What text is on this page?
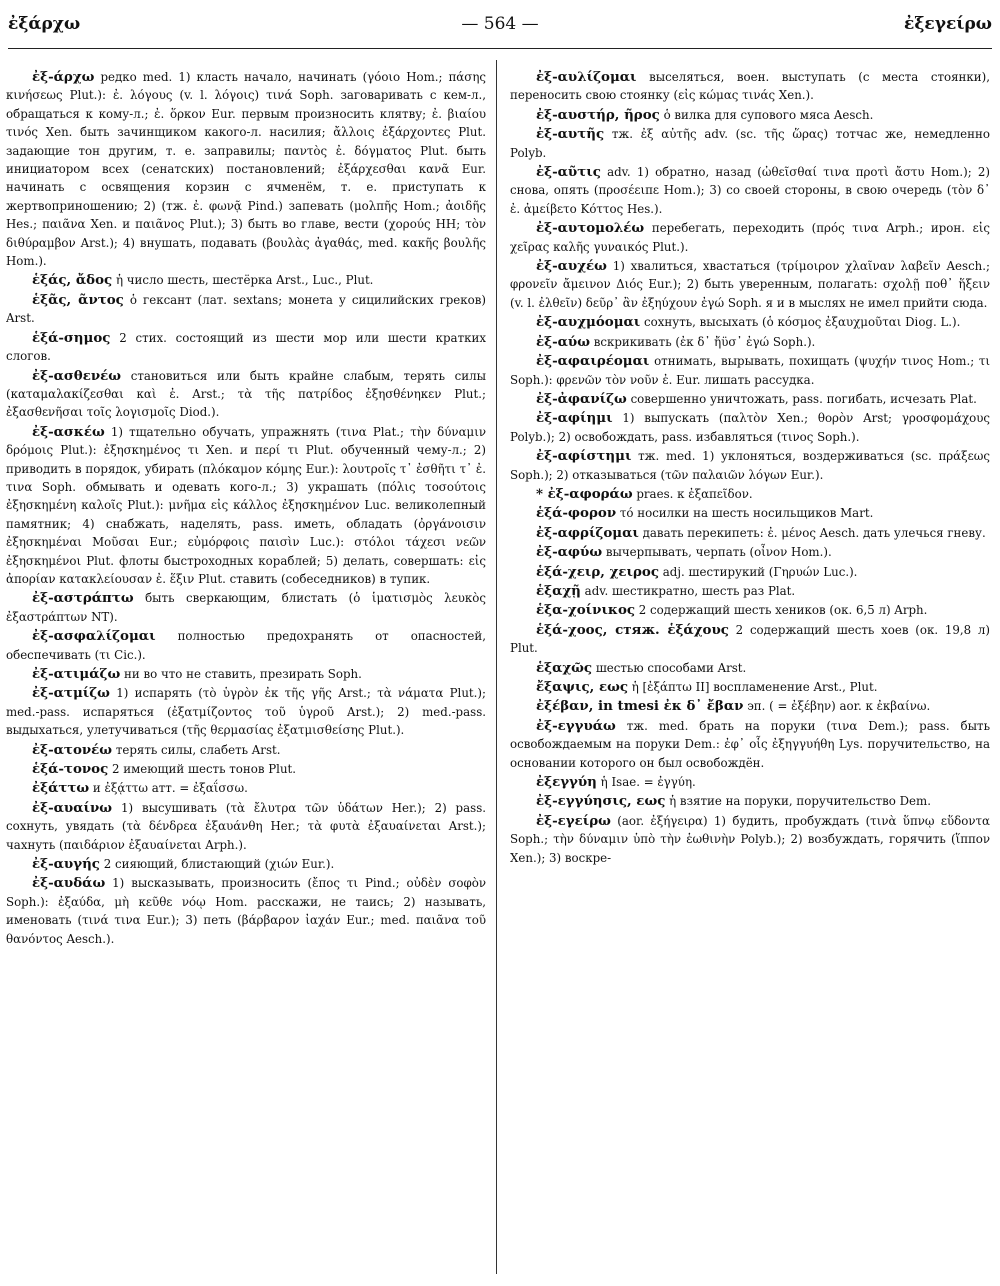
ἐξάρχω	— 564 —	ἐξεγείρω

ἐξ-άρχω редко med. 1) класть начало, начинать (γόοιο Hom.; πάσης κινήσεως Plut.): ἐ. λόγους (v. l. λόγοις) τινά Soph. заговаривать с кем-л., обращаться к кому-л.; ἐ. ὅρκον Eur. первым произносить клятву; ἐ. βιαίου τινός Xen. быть зачинщиком какого-л. насилия; ἄλλοις ἐξάρχοντες Plut. задающие тон другим, т. е. заправилы; παντὸς ἐ. δόγματος Plut. быть инициатором всех (сенатских) постановлений; ἐξάρχεσθαι κανᾶ Eur. начинать с освящения корзин с ячменём, т. е. приступать к жертвоприношению; 2) (тж. ἐ. φωνᾷ Pind.) запевать (μολπῆς Hom.; ἀοιδῆς Hes.; παιᾶνα Xen. и παιᾶνος Plut.); 3) быть во главе, вести (χορούς HH; τὸν διθύραμβον Arst.); 4) внушать, подавать (βουλὰς ἀγαθάς, med. κακῆς βουλῆς Hom.).

ἑξάς, ἄδος ἡ число шесть, шестёрка Arst., Luc., Plut.

ἑξᾶς, ᾶντος ὁ гексант (лат. sextans; монета у сицилийских греков) Arst.

ἑξά-σημος 2 стих. состоящий из шести мор или шести кратких слогов.

ἐξ-ασθενέω становиться или быть крайне слабым, терять силы (καταμαλακίζεσθαι καὶ ἐ. Arst.; τὰ τῆς πατρίδος ἐξησθένηκεν Plut.; ἐξασθενῆσαι τοῖς λογισμοῖς Diod.).

ἐξ-ασκέω 1) тщательно обучать, упражнять (τινα Plat.; τὴν δύναμιν δρόμοις Plut.): ἐξησκημένος τι Xen. и περί τι Plut. обученный чему-л.; 2) приводить в порядок, убирать (πλόκαμον κόμης Eur.): λουτροῖς τ᾽ ἐσθῆτι τ᾽ ἐ. τινα Soph. обмывать и одевать кого-л.; 3) украшать (πόλις τοσούτοις ἐξησκημένη καλοῖς Plut.): μνῆμα εἰς κάλλος ἐξησκημένον Luc. великолепный памятник; 4) снабжать, наделять, pass. иметь, обладать (ὀργάνοισιν ἐξησκημέναι Μοῦσαι Eur.; εὐμόρφοις παισὶν Luc.): στόλοι τάχεσι νεῶν ἐξησκημένοι Plut. флоты быстроходных кораблей; 5) делать, совершать: εἰς ἀπορίαν κατακλείουσαν ἐ. ἕξιν Plut. ставить (собеседников) в тупик.

ἐξ-αστράπτω быть сверкающим, блистать (ὁ ἱματισμὸς λευκὸς ἐξαστράπτων NT).

ἐξ-ασφαλίζομαι полностью предохранять от опасностей, обеспечивать (τι Cic.).

ἐξ-ατιμάζω ни во что не ставить, презирать Soph.

ἐξ-ατμίζω 1) испарять (τὸ ὑγρὸν ἐκ τῆς γῆς Arst.; τὰ νάματα Plut.); med.-pass. испаряться (ἐξατμίζοντος τοῦ ὑγροῦ Arst.); 2) med.-pass. выдыхаться, улетучиваться (τῆς θερμασίας ἐξατμισθείσης Plut.).

ἐξ-ατονέω терять силы, слабеть Arst.

ἑξά-τονος 2 имеющий шесть тонов Plut.

ἐξάττω и ἐξᾴττω атт. = ἐξαΐσσω.

ἐξ-αυαίνω 1) высушивать (τὰ ἔλυτρα τῶν ὑδάτων Her.); 2) pass. сохнуть, увядать (τὰ δένδρεα ἐξαυάνθη Her.; τὰ φυτὰ ἐξαυαίνεται Arst.); чахнуть (παιδάριον ἐξαυαίνεται Arph.).

ἐξ-αυγής 2 сияющий, блистающий (χιών Eur.).

ἐξ-αυδάω 1) высказывать, произносить (ἔπος τι Pind.; οὐδὲν σοφὸν Soph.): ἐξαύδα, μὴ κεῦθε νόῳ Hom. расскажи, не таись; 2) называть, именовать (τινά τινα Eur.); 3) петь (βάρβαρον ἰαχάν Eur.; med. παιᾶνα τοῦ θανόντος Aesch.).

ἐξ-αυλίζομαι выселяться, воен. выступать (с места стоянки), переносить свою стоянку (εἰς κώμας τινάς Xen.).

ἐξ-αυστήρ, ῆρος ὁ вилка для супового мяса Aesch.

ἐξ-αυτῆς тж. ἐξ αὐτῆς adv. (sc. τῆς ὥρας) тотчас же, немедленно Polyb.

ἐξ-αῦτις adv. 1) обратно, назад (ὠθεῖσθαί τινα προτὶ ἄστυ Hom.); 2) снова, опять (προσέειπε Hom.); 3) со своей стороны, в свою очередь (τὸν δ᾽ ἐ. ἀμείβετο Κόττος Hes.).

ἐξ-αυτομολέω перебегать, переходить (πρός τινα Arph.; ирон. εἰς χεῖρας καλῆς γυναικός Plut.).

ἐξ-αυχέω 1) хвалиться, хвастаться (τρίμοιρον χλαῖναν λαβεῖν Aesch.; φρονεῖν ἄμεινον Διός Eur.); 2) быть уверенным, полагать: σχολῇ ποθ᾽ ἥξειν (v. l. ἐλθεῖν) δεῦρ᾽ ἂν ἐξηύχουν ἐγώ Soph. я и в мыслях не имел прийти сюда.

ἐξ-αυχμόομαι сохнуть, высыхать (ὁ κόσμος ἐξαυχμοῦται Diog. L.).

ἐξ-αύω вскрикивать (ἐκ δ᾽ ἤϋσ᾽ ἐγώ Soph.).

ἐξ-αφαιρέομαι отнимать, вырывать, похищать (ψυχήν τινος Hom.; τι Soph.): φρενῶν τὸν νοῦν ἐ. Eur. лишать рассудка.

ἐξ-ἀφανίζω совершенно уничтожать, pass. погибать, исчезать Plat.

ἐξ-αφίημι 1) выпускать (παλτὸν Xen.; θορὸν Arst; γροσφομάχους Polyb.); 2) освобождать, pass. избавляться (τινος Soph.).

ἐξ-αφίστημι тж. med. 1) уклоняться, воздерживаться (sc. πράξεως Soph.); 2) отказываться (τῶν παλαιῶν λόγων Eur.).

* ἐξ-αφοράω praes. к ἐξαπεῖδον.

ἑξά-φορον τό носилки на шесть носильщиков Mart.

ἐξ-αφρίζομαι давать перекипеть: ἐ. μένος Aesch. дать улечься гневу.

ἐξ-αφύω вычерпывать, черпать (οἶνον Hom.).

ἑξά-χειρ, χειρος adj. шестирукий (Γηρυών Luc.).

ἑξαχῇ adv. шестикратно, шесть раз Plat.

ἑξα-χοίνικος 2 содержащий шесть хеников (ок. 6,5 л) Arph.

ἑξά-χοος, стяж. ἑξάχους 2 содержащий шесть хоев (ок. 19,8 л) Plut.

ἑξαχῶς шестью способами Arst.

ἔξαψις, εως ἡ [ἐξάπτω II] воспламенение Arst., Plut.

ἐξέβαν, in tmesi ἐκ δ᾽ ἔβαν эп. ( = ἐξέβην) aor. к ἐκβαίνω.

ἐξ-εγγυάω тж. med. брать на поруки (τινα Dem.); pass. быть освобождаемым на поруки Dem.: ἐφ᾽ οἷς ἐξηγγυήθη Lys. поручительство, на основании которого он был освобождён.

ἐξεγγύη ἡ Isae. = ἐγγύη.

ἐξ-εγγύησις, εως ἡ взятие на поруки, поручительство Dem.

ἐξ-εγείρω (aor. ἐξήγειρα) 1) будить, пробуждать (τινὰ ὕπνῳ εὕδοντα Soph.; τὴν δύναμιν ὑπὸ τὴν ἑωθινὴν Polyb.); 2) возбуждать, горячить (ἵππον Xen.); 3) воскре-
